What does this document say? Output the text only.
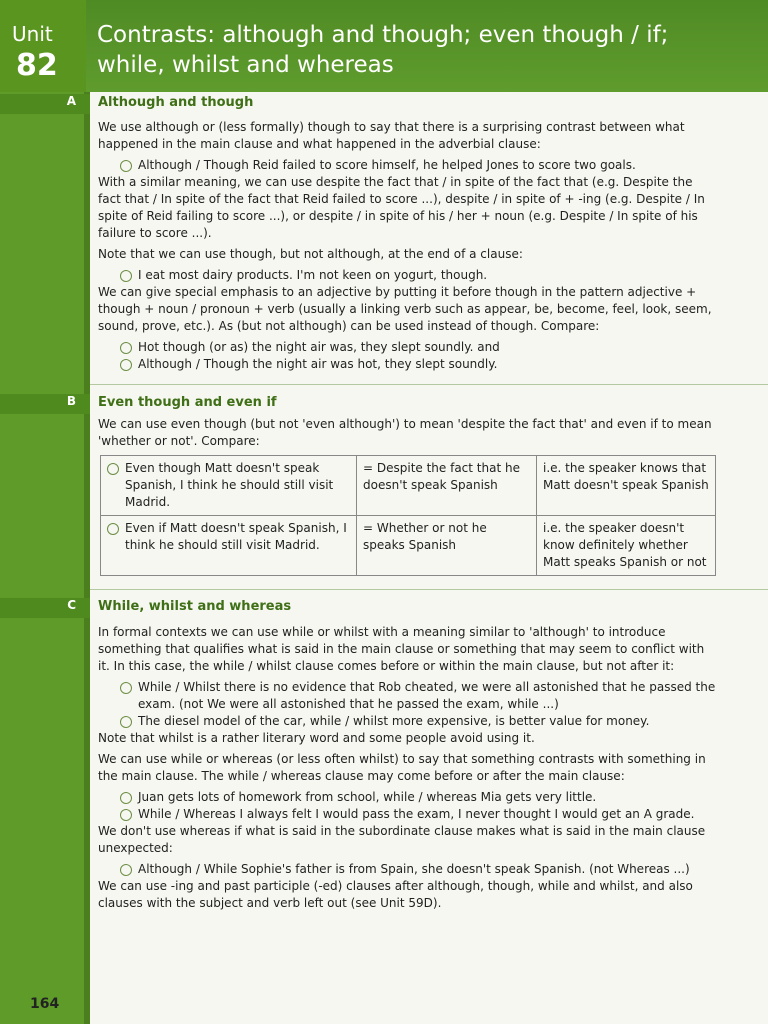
Unit
82
Contrasts: although and though; even though / if;
while, whilst and whereas
A	Although and though

We use although or (less formally) though to say that there is a surprising contrast between what happened in the main clause and what happened in the adverbial clause:

Although / Though Reid failed to score himself, he helped Jones to score two goals.

With a similar meaning, we can use despite the fact that / in spite of the fact that (e.g. Despite the fact that / In spite of the fact that Reid failed to score ...), despite / in spite of + -ing (e.g. Despite / In spite of Reid failing to score ...), or despite / in spite of his / her + noun (e.g. Despite / In spite of his failure to score ...).

Note that we can use though, but not although, at the end of a clause:

I eat most dairy products. I'm not keen on yogurt, though.

We can give special emphasis to an adjective by putting it before though in the pattern adjective + though + noun / pronoun + verb (usually a linking verb such as appear, be, become, feel, look, seem, sound, prove, etc.). As (but not although) can be used instead of though. Compare:

Hot though (or as) the night air was, they slept soundly. and
Although / Though the night air was hot, they slept soundly.
B	Even though and even if

We can use even though (but not 'even although') to mean 'despite the fact that' and even if to mean 'whether or not'. Compare:

Even though Matt doesn't speak Spanish, I think he should still visit Madrid.
= Despite the fact that he doesn't speak Spanish
i.e. the speaker knows that Matt doesn't speak Spanish
Even if Matt doesn't speak Spanish, I think he should still visit Madrid.
= Whether or not he speaks Spanish
i.e. the speaker doesn't know definitely whether Matt speaks Spanish or not
C	While, whilst and whereas

In formal contexts we can use while or whilst with a meaning similar to 'although' to introduce something that qualifies what is said in the main clause or something that may seem to conflict with it. In this case, the while / whilst clause comes before or within the main clause, but not after it:

While / Whilst there is no evidence that Rob cheated, we were all astonished that he passed the exam. (not We were all astonished that he passed the exam, while ...)
The diesel model of the car, while / whilst more expensive, is better value for money.

Note that whilst is a rather literary word and some people avoid using it.

We can use while or whereas (or less often whilst) to say that something contrasts with something in the main clause. The while / whereas clause may come before or after the main clause:

Juan gets lots of homework from school, while / whereas Mia gets very little.
While / Whereas I always felt I would pass the exam, I never thought I would get an A grade.

We don't use whereas if what is said in the subordinate clause makes what is said in the main clause unexpected:

Although / While Sophie's father is from Spain, she doesn't speak Spanish. (not Whereas ...)

We can use -ing and past participle (-ed) clauses after although, though, while and whilst, and also clauses with the subject and verb left out (see Unit 59D).

164
